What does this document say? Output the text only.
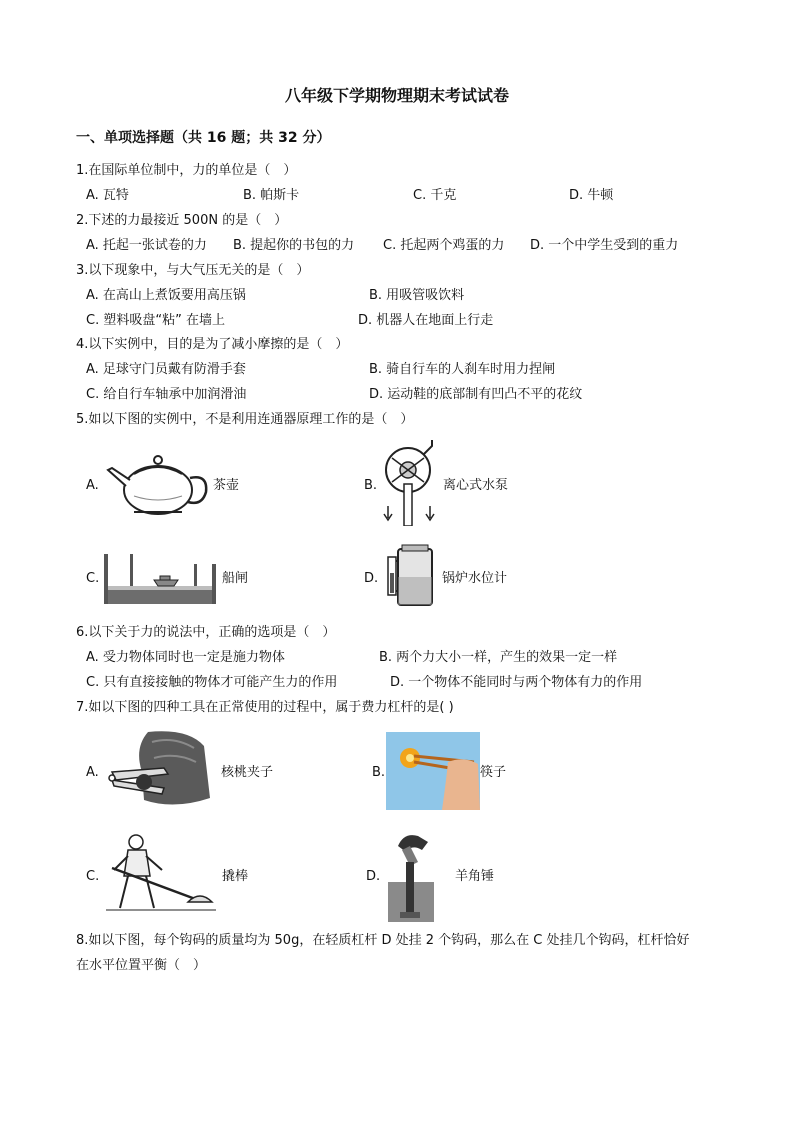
八年级下学期物理期末考试试卷
一、单项选择题（共 16 题；共 32 分）
1.在国际单位制中，力的单位是（　）
A. 瓦特	B. 帕斯卡	C. 千克	D. 牛顿
2.下述的力最接近 500N 的是（　）
A. 托起一张试卷的力 B. 提起你的书包的力 C. 托起两个鸡蛋的力 D. 一个中学生受到的重力
3.以下现象中，与大气压无关的是（　）
A. 在高山上煮饭要用高压锅	B. 用吸管吸饮料
C. 塑料吸盘“粘” 在墙上	D. 机器人在地面上行走
4.以下实例中，目的是为了减小摩擦的是（　）
A. 足球守门员戴有防滑手套	B. 骑自行车的人刹车时用力捏闸
C. 给自行车轴承中加润滑油	D. 运动鞋的底部制有凹凸不平的花纹
5.如以下图的实例中，不是利用连通器原理工作的是（　）
A.	茶壶	B.	离心式水泵
C.	船闸	D.	锅炉水位计
6.以下关于力的说法中，正确的选项是（　）
A. 受力物体同时也一定是施力物体	B. 两个力大小一样，产生的效果一定一样
C. 只有直接接触的物体才可能产生力的作用	D. 一个物体不能同时与两个物体有力的作用
7.如以下图的四种工具在正常使用的过程中，属于费力杠杆的是( )
A.	核桃夹子	B.	筷子
C.	撬棒	D.	羊角锤
8.如以下图，每个钩码的质量均为 50g，在轻质杠杆 D 处挂 2 个钩码，那么在 C 处挂几个钩码，杠杆恰好
在水平位置平衡（　）
